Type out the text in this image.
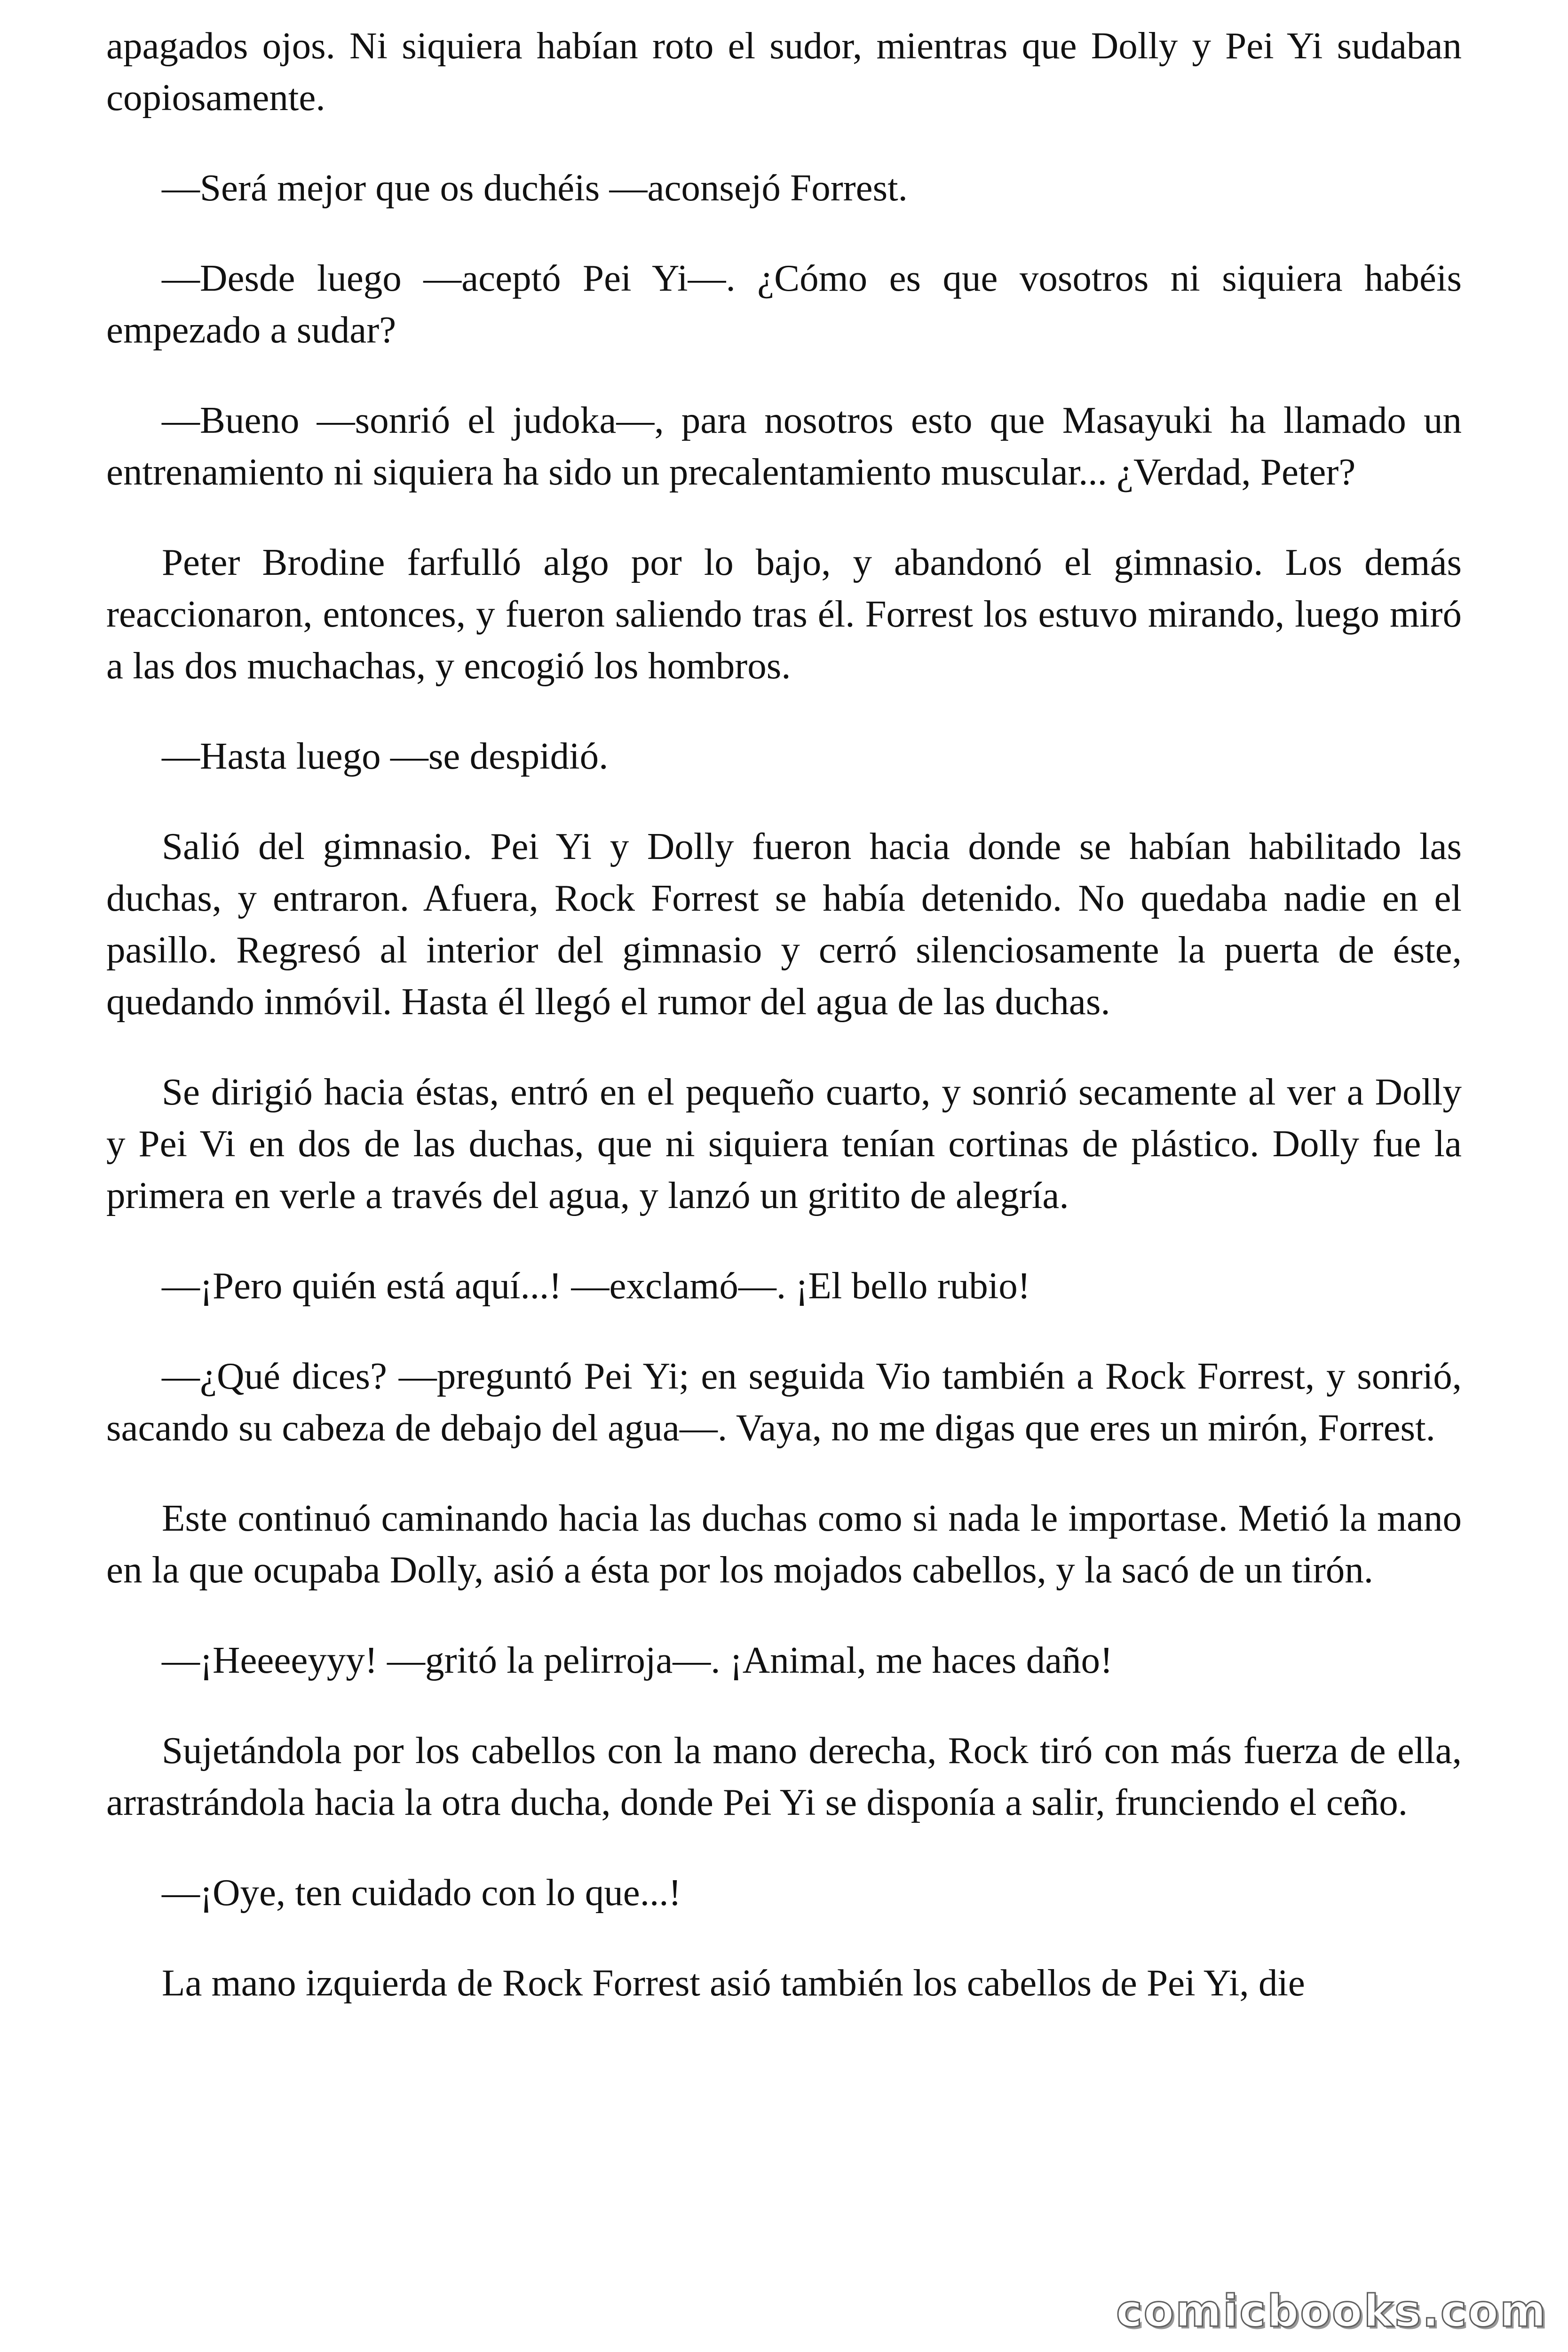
apagados ojos. Ni siquiera habían roto el sudor, mientras que Dolly y Pei Yi sudaban copiosamente.

—Será mejor que os duchéis —aconsejó Forrest.

—Desde luego —aceptó Pei Yi—. ¿Cómo es que vosotros ni siquiera habéis empezado a sudar?

—Bueno —sonrió el judoka—, para nosotros esto que Masayuki ha llamado un entrenamiento ni siquiera ha sido un precalentamiento muscular... ¿Verdad, Peter?

Peter Brodine farfulló algo por lo bajo, y abandonó el gimnasio. Los demás reaccionaron, entonces, y fueron saliendo tras él. Forrest los estuvo mirando, luego miró a las dos muchachas, y encogió los hombros.

—Hasta luego —se despidió.

Salió del gimnasio. Pei Yi y Dolly fueron hacia donde se habían habilitado las duchas, y entraron. Afuera, Rock Forrest se había detenido. No quedaba nadie en el pasillo. Regresó al interior del gimnasio y cerró silenciosamente la puerta de éste, quedando inmóvil. Hasta él llegó el rumor del agua de las duchas.

Se dirigió hacia éstas, entró en el pequeño cuarto, y sonrió secamente al ver a Dolly y Pei Vi en dos de las duchas, que ni siquiera tenían cortinas de plástico. Dolly fue la primera en verle a través del agua, y lanzó un gritito de alegría.

—¡Pero quién está aquí...! —exclamó—. ¡El bello rubio!

—¿Qué dices? —preguntó Pei Yi; en seguida Vio también a Rock Forrest, y sonrió, sacando su cabeza de debajo del agua—. Vaya, no me digas que eres un mirón, Forrest.

Este continuó caminando hacia las duchas como si nada le importase. Metió la mano en la que ocupaba Dolly, asió a ésta por los mojados cabellos, y la sacó de un tirón.

—¡Heeeeyyy! —gritó la pelirroja—. ¡Animal, me haces daño!

Sujetándola por los cabellos con la mano derecha, Rock tiró con más fuerza de ella, arrastrándola hacia la otra ducha, donde Pei Yi se disponía a salir, frunciendo el ceño.

—¡Oye, ten cuidado con lo que...!

La mano izquierda de Rock Forrest asió también los cabellos de Pei Yi, die

comicbooks.com
